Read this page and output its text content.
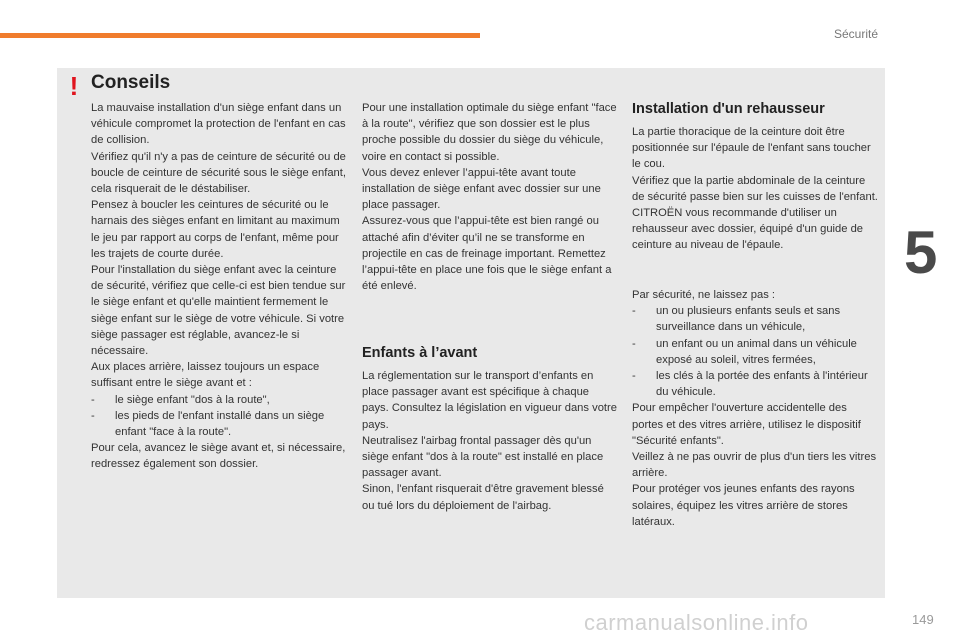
Sécurité
5
! Conseils

La mauvaise installation d'un siège enfant dans un véhicule compromet la protection de l'enfant en cas de collision.

Vérifiez qu'il n'y a pas de ceinture de sécurité ou de boucle de ceinture de sécurité sous le siège enfant, cela risquerait de le déstabiliser.

Pensez à boucler les ceintures de sécurité ou le harnais des sièges enfant en limitant au maximum le jeu par rapport au corps de l'enfant, même pour les trajets de courte durée.

Pour l'installation du siège enfant avec la ceinture de sécurité, vérifiez que celle-ci est bien tendue sur le siège enfant et qu'elle maintient fermement le siège enfant sur le siège de votre véhicule. Si votre siège passager est réglable, avancez-le si nécessaire.

Aux places arrière, laissez toujours un espace suffisant entre le siège avant et :

- le siège enfant "dos à la route",

- les pieds de l'enfant installé dans un siège enfant "face à la route".

Pour cela, avancez le siège avant et, si nécessaire, redressez également son dossier.

Pour une installation optimale du siège enfant "face à la route", vérifiez que son dossier est le plus proche possible du dossier du siège du véhicule, voire en contact si possible.

Vous devez enlever l’appui-tête avant toute installation de siège enfant avec dossier sur une place passager.

Assurez-vous que l’appui-tête est bien rangé ou attaché afin d’éviter qu’il ne se transforme en projectile en cas de freinage important. Remettez l’appui-tête en place une fois que le siège enfant a été enlevé.

Enfants à l’avant

La réglementation sur le transport d’enfants en place passager avant est spécifique à chaque pays. Consultez la législation en vigueur dans votre pays.

Neutralisez l'airbag frontal passager dès qu'un siège enfant "dos à la route" est installé en place passager avant.

Sinon, l'enfant risquerait d'être gravement blessé ou tué lors du déploiement de l'airbag.

Installation d'un rehausseur

La partie thoracique de la ceinture doit être positionnée sur l'épaule de l'enfant sans toucher le cou.

Vérifiez que la partie abdominale de la ceinture de sécurité passe bien sur les cuisses de l'enfant.

CITROËN vous recommande d'utiliser un rehausseur avec dossier, équipé d'un guide de ceinture au niveau de l'épaule.

Par sécurité, ne laissez pas :

- un ou plusieurs enfants seuls et sans surveillance dans un véhicule,

- un enfant ou un animal dans un véhicule exposé au soleil, vitres fermées,

- les clés à la portée des enfants à l'intérieur du véhicule.

Pour empêcher l'ouverture accidentelle des portes et des vitres arrière, utilisez le dispositif "Sécurité enfants".

Veillez à ne pas ouvrir de plus d'un tiers les vitres arrière.

Pour protéger vos jeunes enfants des rayons solaires, équipez les vitres arrière de stores latéraux.

carmanualsonline.info	149
